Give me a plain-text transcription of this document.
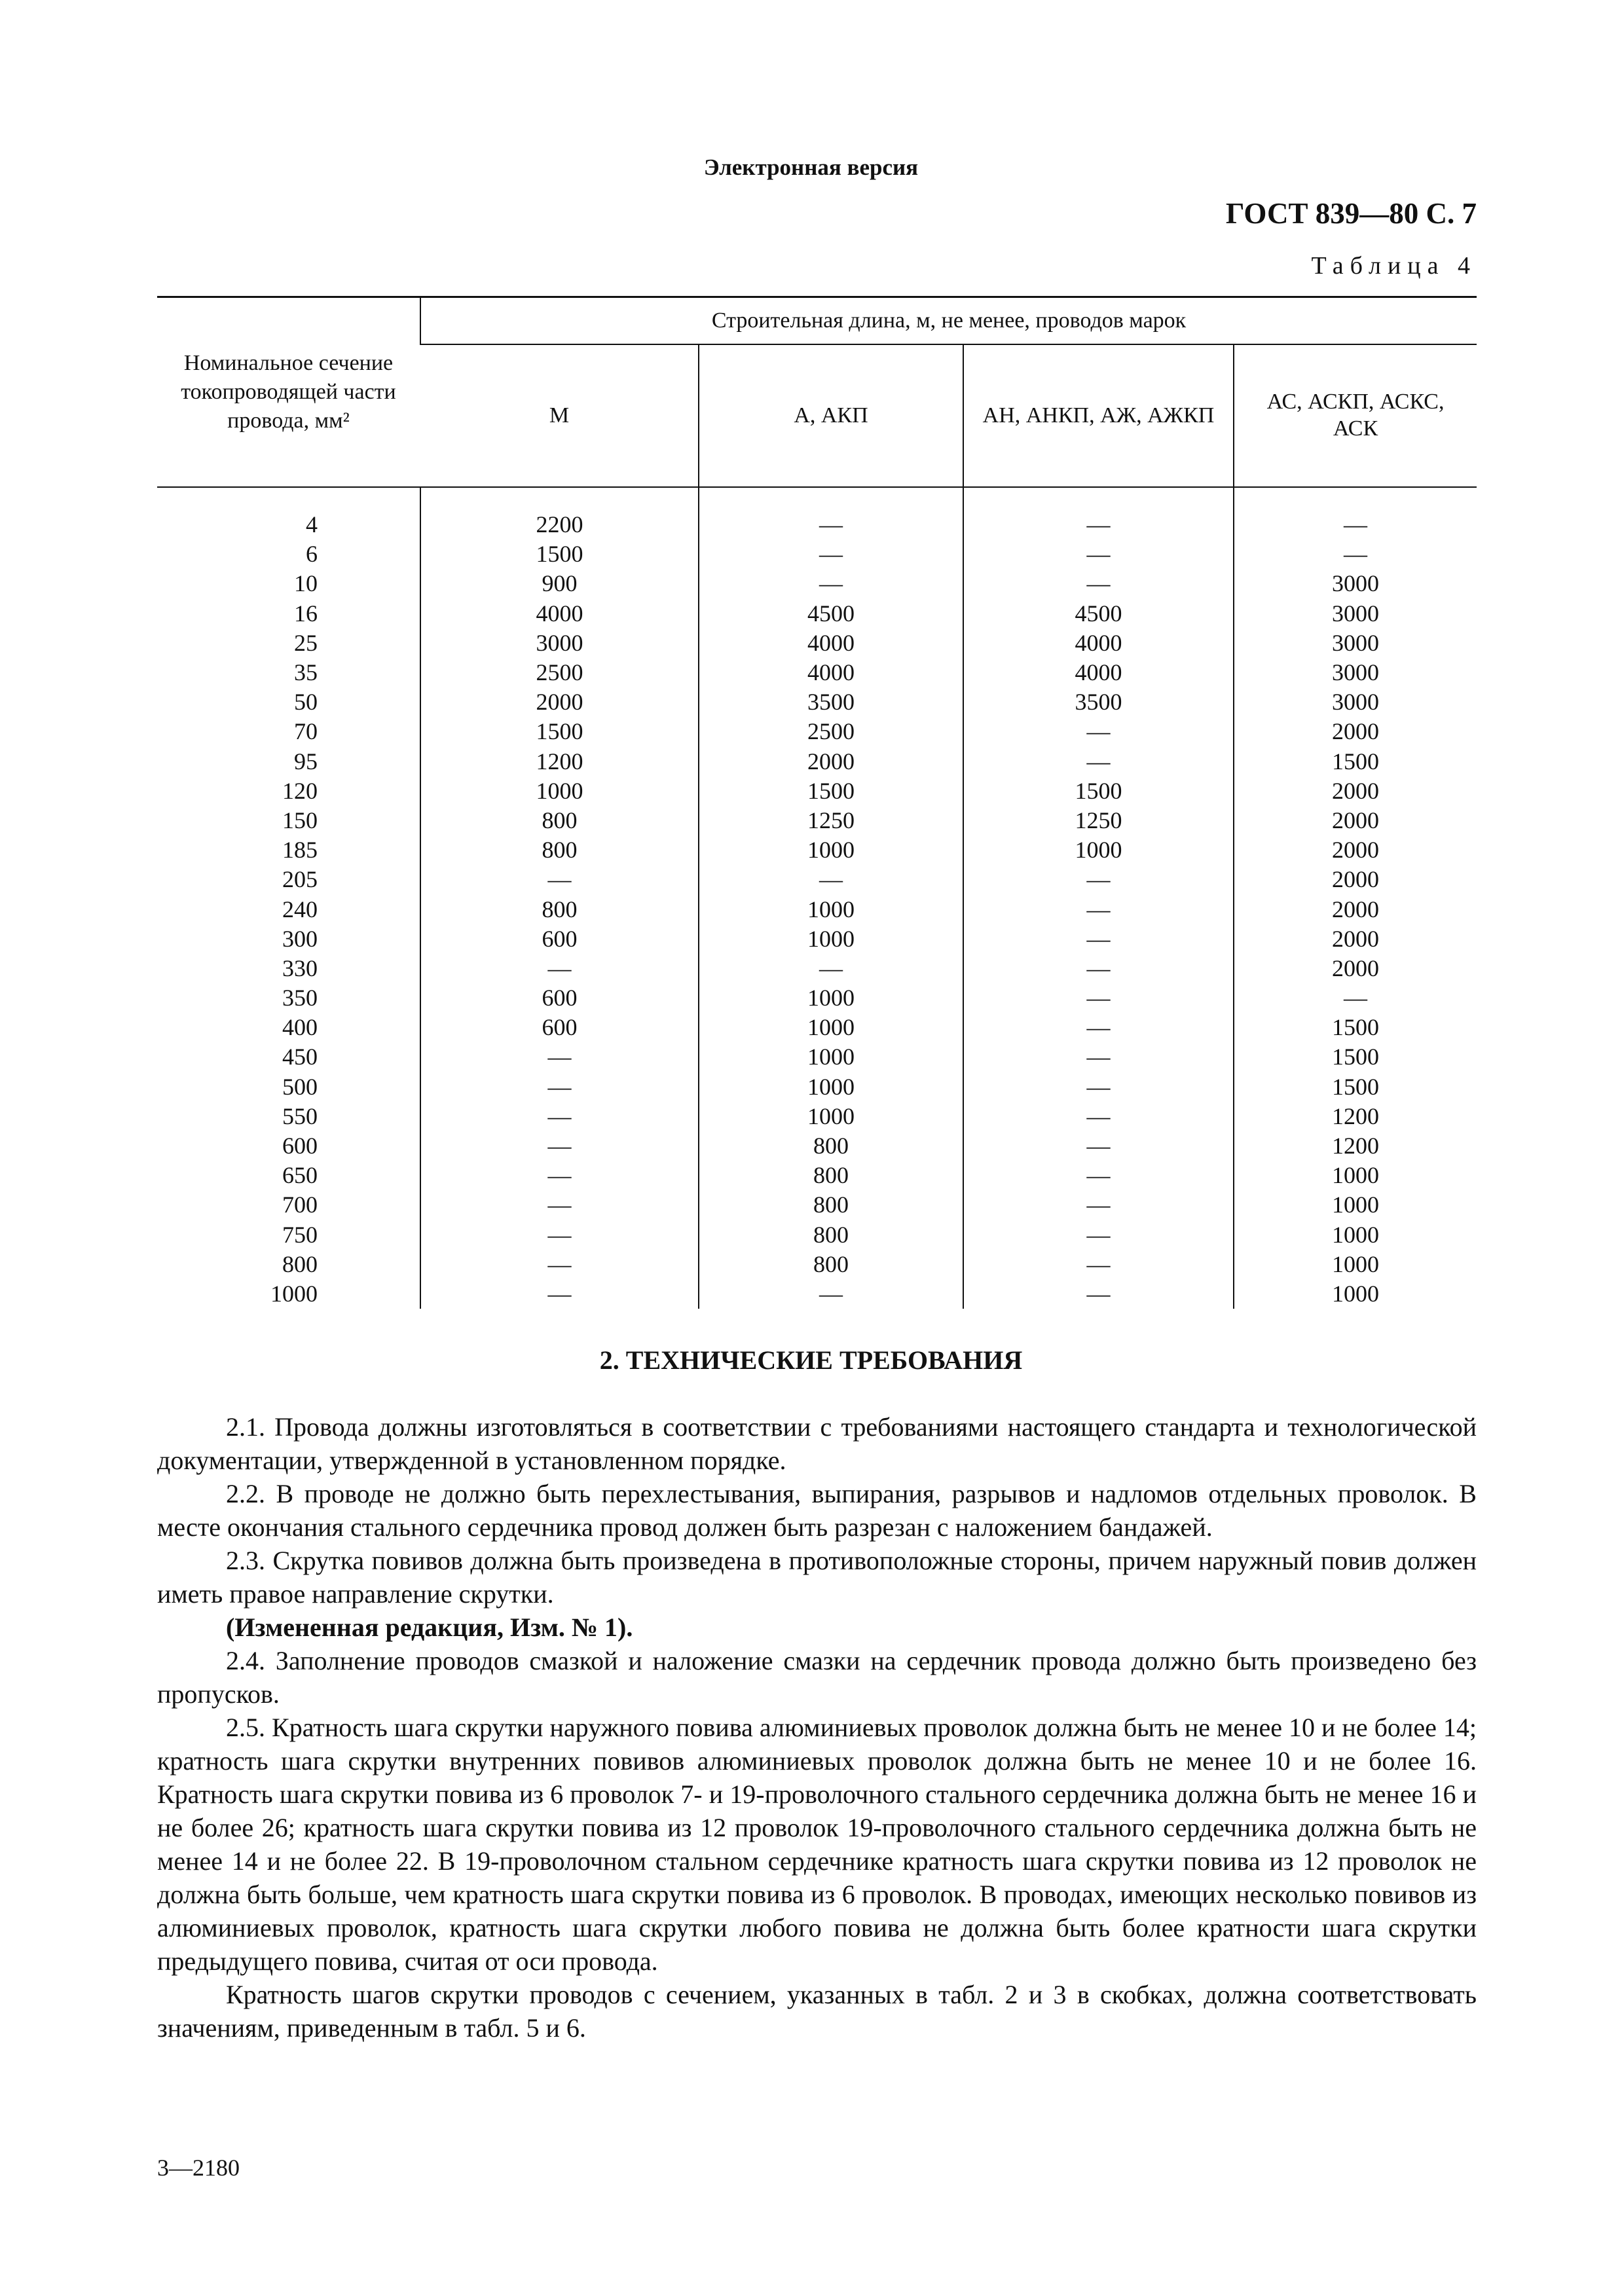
Электронная версия
ГОСТ 839—80 С. 7
Таблица 4
Номинальное сечение токопроводящей части провода, мм²	Строительная длина, м, не менее, проводов марок			
	М	А, АКП	АН, АНКП, АЖ, АЖКП	АС, АСКП, АСКС, АСК
4	2200	—	—	—
6	1500	—	—	—
10	900	—	—	3000
16	4000	4500	4500	3000
25	3000	4000	4000	3000
35	2500	4000	4000	3000
50	2000	3500	3500	3000
70	1500	2500	—	2000
95	1200	2000	—	1500
120	1000	1500	1500	2000
150	800	1250	1250	2000
185	800	1000	1000	2000
205	—	—	—	2000
240	800	1000	—	2000
300	600	1000	—	2000
330	—	—	—	2000
350	600	1000	—	—
400	600	1000	—	1500
450	—	1000	—	1500
500	—	1000	—	1500
550	—	1000	—	1200
600	—	800	—	1200
650	—	800	—	1000
700	—	800	—	1000
750	—	800	—	1000
800	—	800	—	1000
1000	—	—	—	1000
2. ТЕХНИЧЕСКИЕ ТРЕБОВАНИЯ

2.1. Провода должны изготовляться в соответствии с требованиями настоящего стандарта и технологической документации, утвержденной в установленном порядке.

2.2. В проводе не должно быть перехлестывания, выпирания, разрывов и надломов отдельных проволок. В месте окончания стального сердечника провод должен быть разрезан с наложением бандажей.

2.3. Скрутка повивов должна быть произведена в противоположные стороны, причем наружный повив должен иметь правое направление скрутки.

(Измененная редакция, Изм. № 1).

2.4. Заполнение проводов смазкой и наложение смазки на сердечник провода должно быть произведено без пропусков.

2.5. Кратность шага скрутки наружного повива алюминиевых проволок должна быть не менее 10 и не более 14; кратность шага скрутки внутренних повивов алюминиевых проволок должна быть не менее 10 и не более 16. Кратность шага скрутки повива из 6 проволок 7- и 19-проволочного стального сердечника должна быть не менее 16 и не более 26; кратность шага скрутки повива из 12 проволок 19-проволочного стального сердечника должна быть не менее 14 и не более 22. В 19-проволочном стальном сердечнике кратность шага скрутки повива из 12 проволок не должна быть больше, чем кратность шага скрутки повива из 6 проволок. В проводах, имеющих несколько повивов из алюминиевых проволок, кратность шага скрутки любого повива не должна быть более кратности шага скрутки предыдущего повива, считая от оси провода.

Кратность шагов скрутки проводов с сечением, указанных в табл. 2 и 3 в скобках, должна соответствовать значениям, приведенным в табл. 5 и 6.

3—2180
